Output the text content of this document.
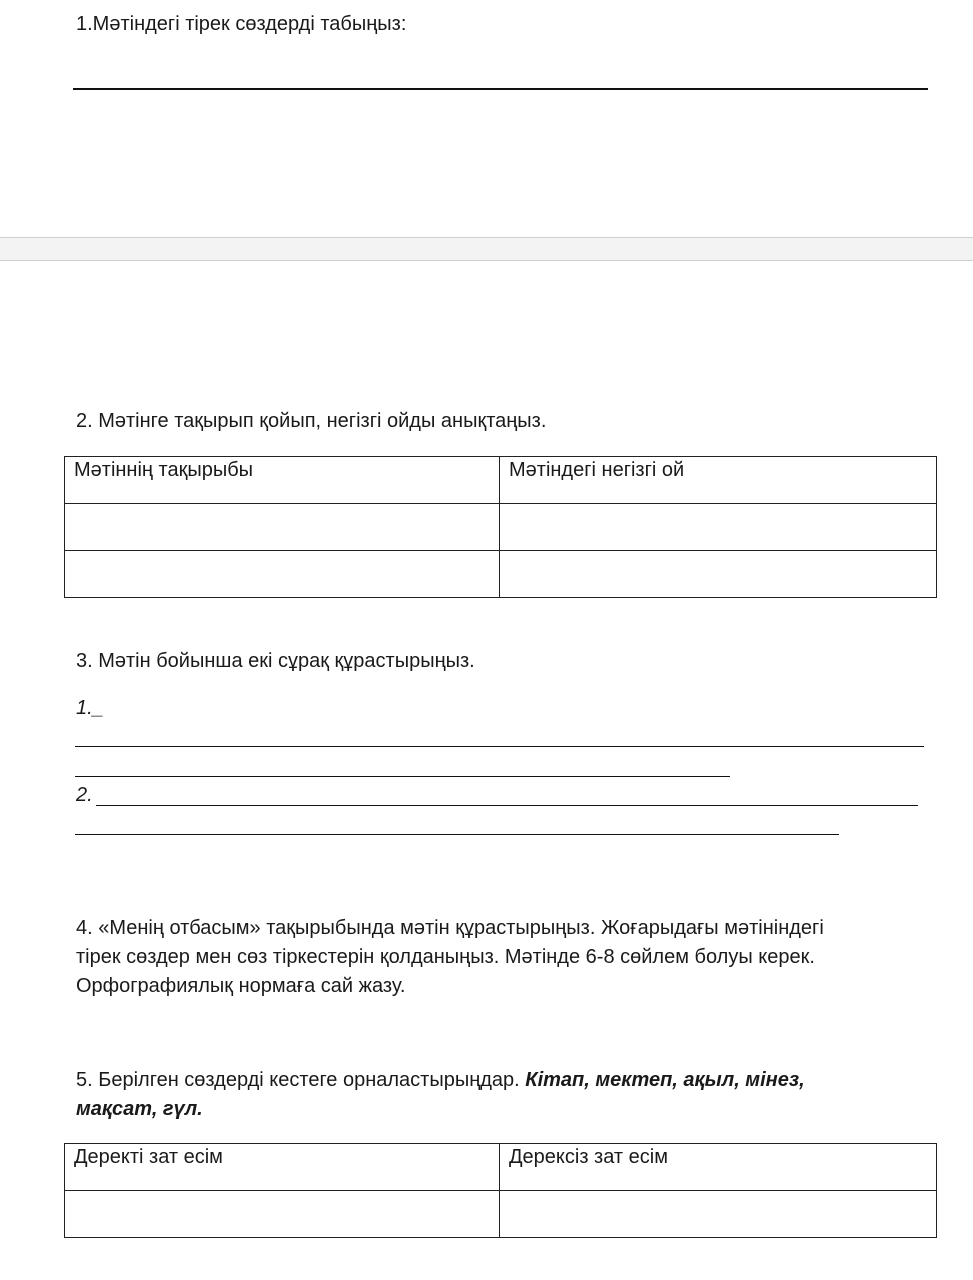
1.Мәтіндегі тірек сөздерді табыңыз:
2. Мәтінге тақырып қойып, негізгі ойды анықтаңыз.
Мәтіннің тақырыбы	Мәтіндегі негізгі ой

3. Мәтін бойынша екі сұрақ құрастырыңыз.
1._
2.
4. «Менің отбасым» тақырыбында мәтін құрастырыңыз. Жоғарыдағы мәтініндегі
тірек сөздер мен сөз тіркестерін қолданыңыз. Мәтінде 6-8 сөйлем болуы керек.
Орфографиялық нормаға сай жазу.
5. Берілген сөздерді кестеге орналастырыңдар. Кітап, мектеп, ақыл, мінез,
мақсат, гүл.
Деректі зат есім	Дерексіз зат есім
